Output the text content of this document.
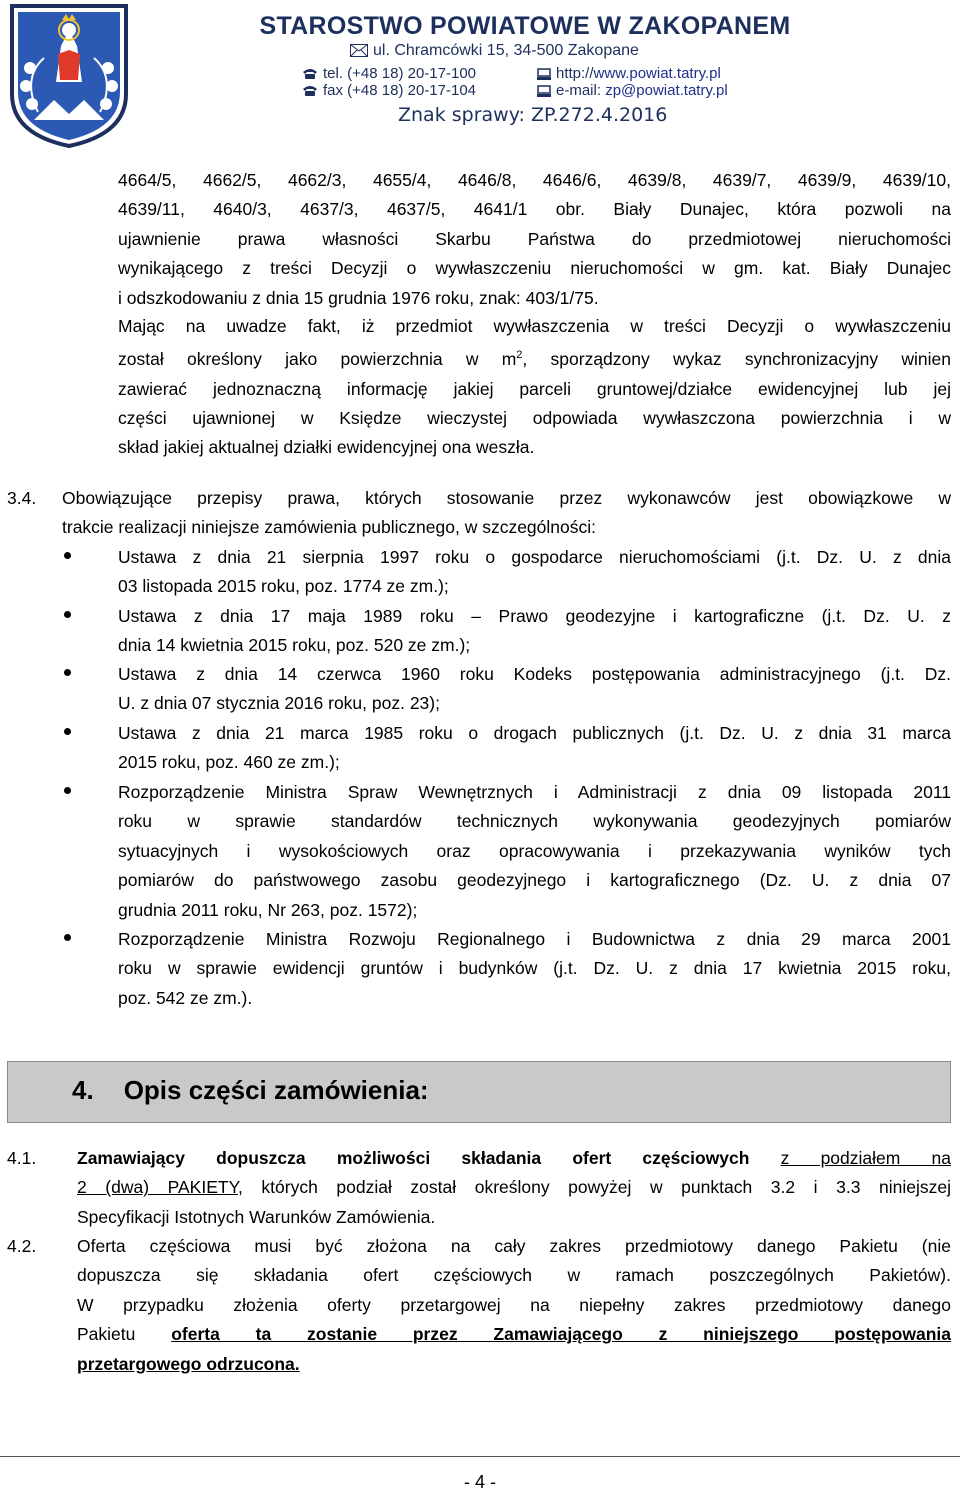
STAROSTWO POWIATOWE W ZAKOPANEM
ul. Chramcówki 15, 34-500 Zakopane
tel. (+48 18) 20-17-100
fax (+48 18) 20-17-104
http://www.powiat.tatry.pl
e-mail: zp@powiat.tatry.pl
Znak sprawy: ZP.272.4.2016
4664/5, 4662/5, 4662/3, 4655/4, 4646/8, 4646/6, 4639/8, 4639/7, 4639/9, 4639/10,
4639/11, 4640/3, 4637/3, 4637/5, 4641/1 obr. Biały Dunajec, która pozwoli na
ujawnienie prawa własności Skarbu Państwa do przedmiotowej nieruchomości
wynikającego z treści Decyzji o wywłaszczeniu nieruchomości w gm. kat. Biały Dunajec
i odszkodowaniu z dnia 15 grudnia 1976 roku, znak: 403/1/75.
Mając na uwadze fakt, iż przedmiot wywłaszczenia w treści Decyzji o wywłaszczeniu
został określony jako powierzchnia w $m^2$, sporządzony wykaz synchronizacyjny winien
zawierać jednoznaczną informację jakiej parceli gruntowej/działce ewidencyjnej lub jej
części ujawnionej w Księdze wieczystej odpowiada wywłaszczona powierzchnia i w
skład jakiej aktualnej działki ewidencyjnej ona weszła.
3.4. Obowiązujące przepisy prawa, których stosowanie przez wykonawców jest obowiązkowe w
trakcie realizacji niniejsze zamówienia publicznego, w szczególności:
Ustawa z dnia 21 sierpnia 1997 roku o gospodarce nieruchomościami (j.t. Dz. U. z dnia
03 listopada 2015 roku, poz. 1774 ze zm.);
Ustawa z dnia 17 maja 1989 roku – Prawo geodezyjne i kartograficzne (j.t. Dz. U. z
dnia 14 kwietnia 2015 roku, poz. 520 ze zm.);
Ustawa z dnia 14 czerwca 1960 roku Kodeks postępowania administracyjnego (j.t. Dz.
U. z dnia 07 stycznia 2016 roku, poz. 23);
Ustawa z dnia 21 marca 1985 roku o drogach publicznych (j.t. Dz. U. z dnia 31 marca
2015 roku, poz. 460 ze zm.);
Rozporządzenie Ministra Spraw Wewnętrznych i Administracji z dnia 09 listopada 2011
roku w sprawie standardów technicznych wykonywania geodezyjnych pomiarów
sytuacyjnych i wysokościowych oraz opracowywania i przekazywania wyników tych
pomiarów do państwowego zasobu geodezyjnego i kartograficznego (Dz. U. z dnia 07
grudnia 2011 roku, Nr 263, poz. 1572);
Rozporządzenie Ministra Rozwoju Regionalnego i Budownictwa z dnia 29 marca 2001
roku w sprawie ewidencji gruntów i budynków (j.t. Dz. U. z dnia 17 kwietnia 2015 roku,
poz. 542 ze zm.).
4. Opis części zamówienia:
4.1. Zamawiający dopuszcza możliwości składania ofert częściowych z podziałem na
2 (dwa) PAKIETY, których podział został określony powyżej w punktach 3.2 i 3.3 niniejszej
Specyfikacji Istotnych Warunków Zamówienia.
4.2. Oferta częściowa musi być złożona na cały zakres przedmiotowy danego Pakietu (nie
dopuszcza się składania ofert częściowych w ramach poszczególnych Pakietów).
W przypadku złożenia oferty przetargowej na niepełny zakres przedmiotowy danego
Pakietu oferta ta zostanie przez Zamawiającego z niniejszego postępowania
przetargowego odrzucona.
- 4 -
